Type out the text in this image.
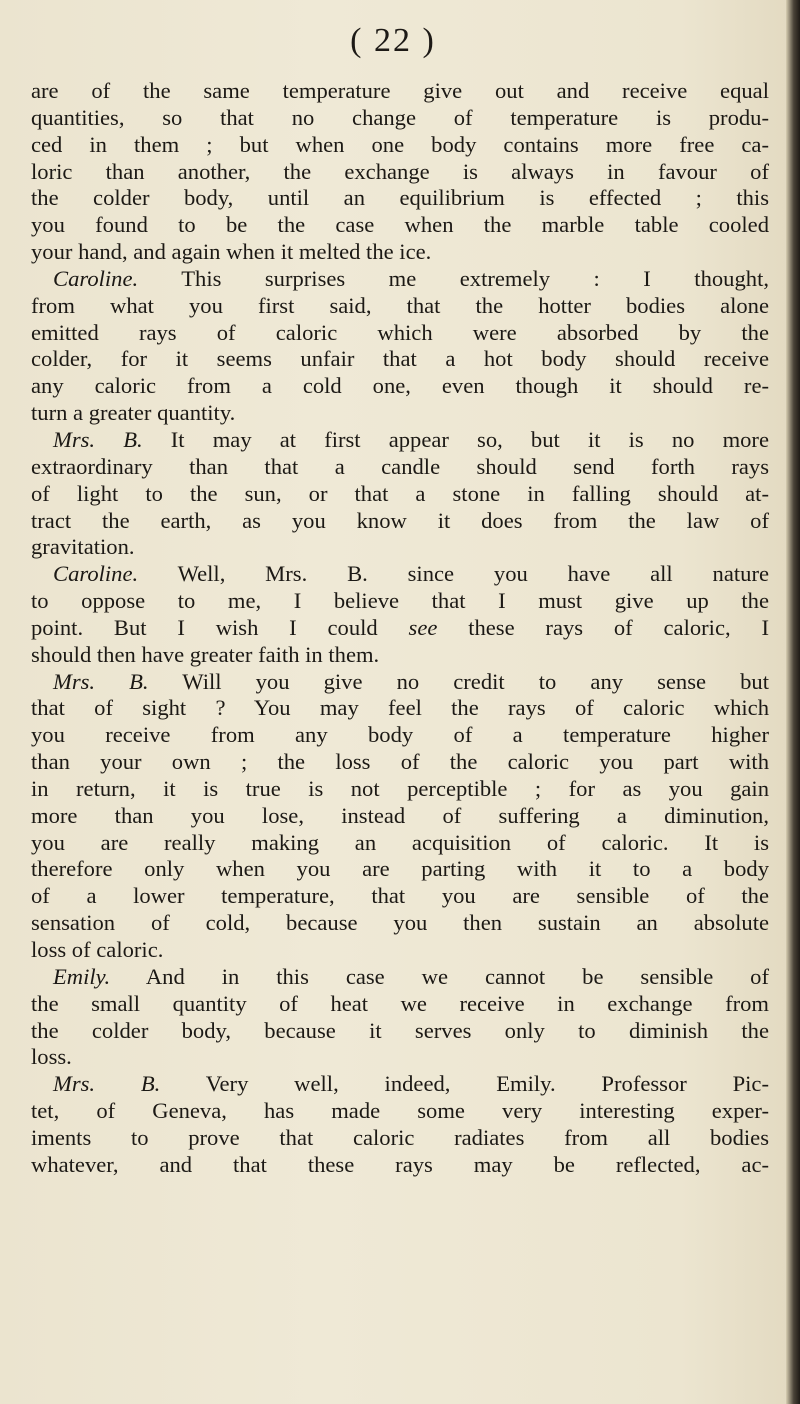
( 22 )
are of the same temperature give out and receive equal
quantities, so that no change of temperature is produ-
ced in them ; but when one body contains more free ca-
loric than another, the exchange is always in favour of
the colder body, until an equilibrium is effected ; this
you found to be the case when the marble table cooled
your hand, and again when it melted the ice.
Caroline. This surprises me extremely : I thought,
from what you first said, that the hotter bodies alone
emitted rays of caloric which were absorbed by the
colder, for it seems unfair that a hot body should receive
any caloric from a cold one, even though it should re-
turn a greater quantity.
Mrs. B. It may at first appear so, but it is no more
extraordinary than that a candle should send forth rays
of light to the sun, or that a stone in falling should at-
tract the earth, as you know it does from the law of
gravitation.
Caroline. Well, Mrs. B. since you have all nature
to oppose to me, I believe that I must give up the
point. But I wish I could see these rays of caloric, I
should then have greater faith in them.
Mrs. B. Will you give no credit to any sense but
that of sight ? You may feel the rays of caloric which
you receive from any body of a temperature higher
than your own ; the loss of the caloric you part with
in return, it is true is not perceptible ; for as you gain
more than you lose, instead of suffering a diminution,
you are really making an acquisition of caloric. It is
therefore only when you are parting with it to a body
of a lower temperature, that you are sensible of the
sensation of cold, because you then sustain an absolute
loss of caloric.
Emily. And in this case we cannot be sensible of
the small quantity of heat we receive in exchange from
the colder body, because it serves only to diminish the
loss.
Mrs. B. Very well, indeed, Emily. Professor Pic-
tet, of Geneva, has made some very interesting exper-
iments to prove that caloric radiates from all bodies
whatever, and that these rays may be reflected, ac-
